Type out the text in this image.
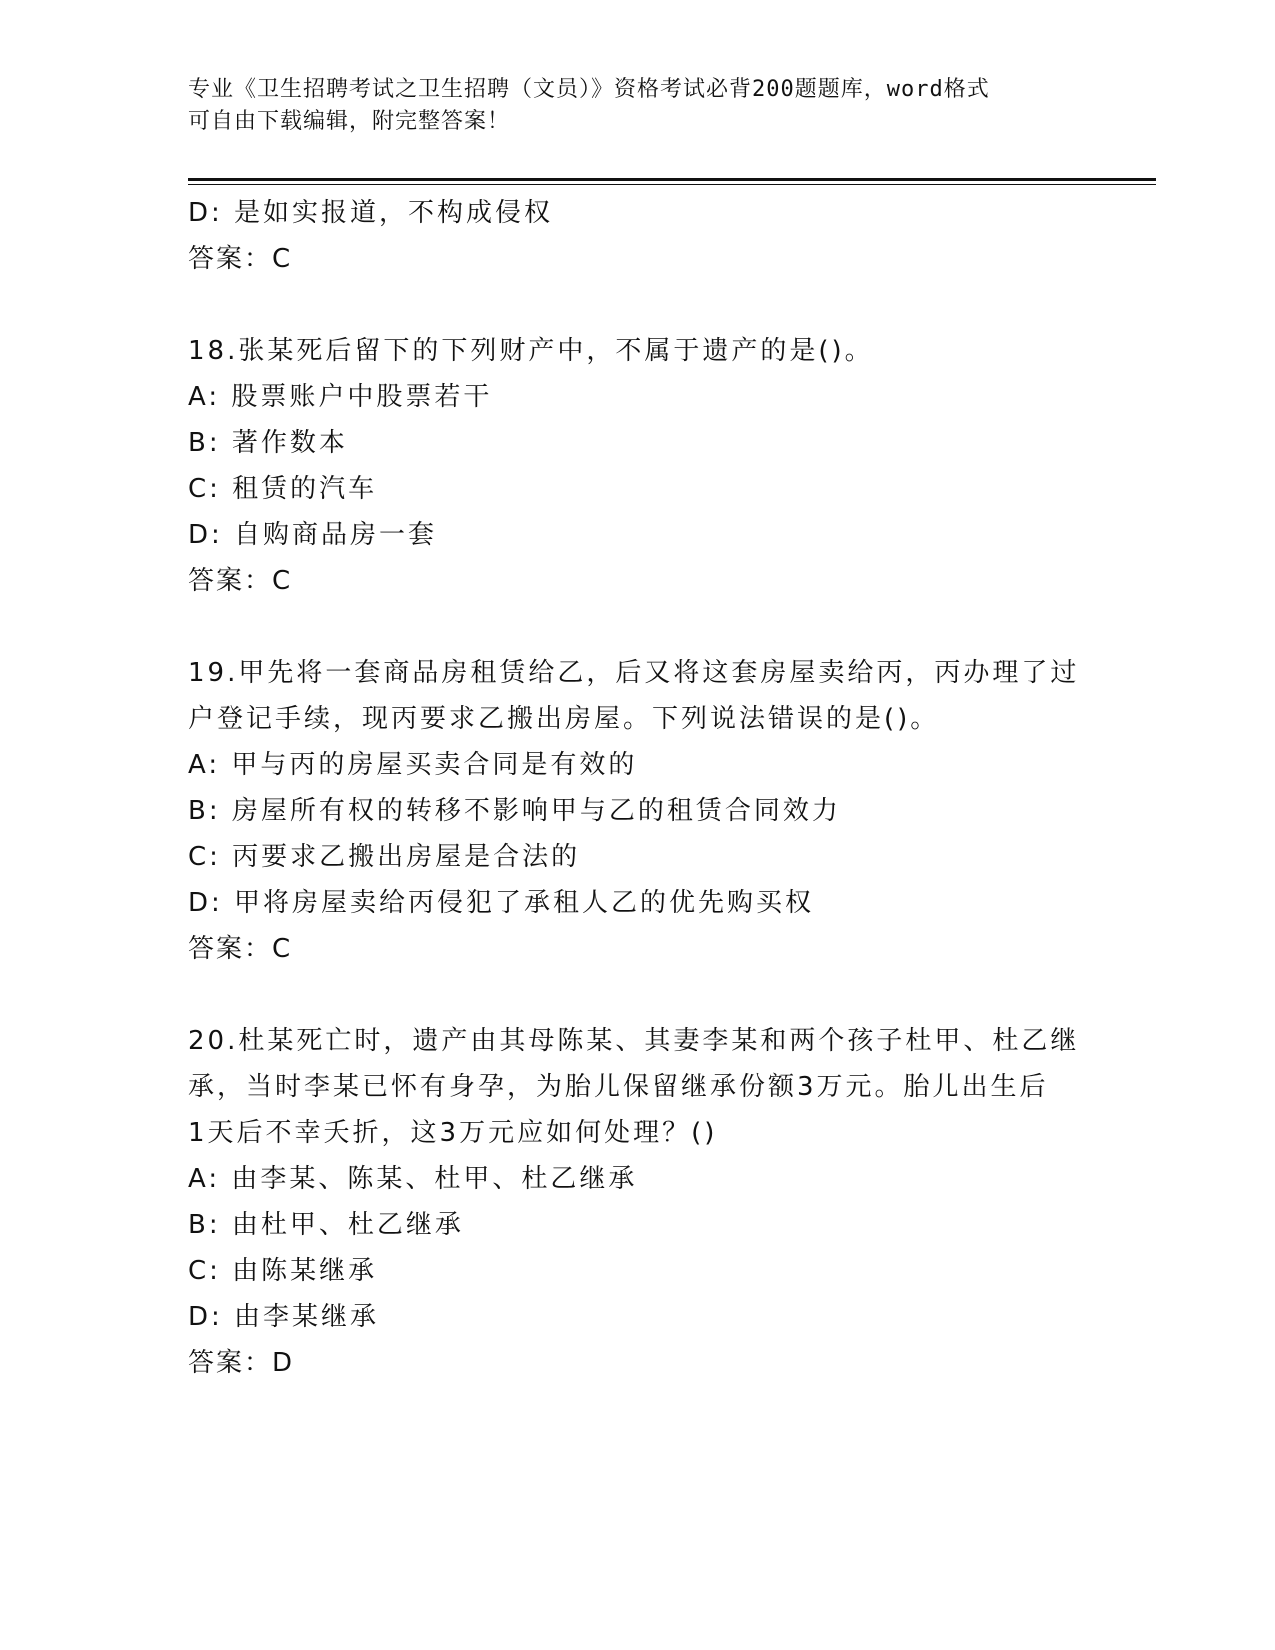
专业《卫生招聘考试之卫生招聘（文员）》资格考试必背200题题库，word格式
可自由下载编辑，附完整答案！
D: 是如实报道，不构成侵权
答案：C
18.张某死后留下的下列财产中，不属于遗产的是()。
A: 股票账户中股票若干
B: 著作数本
C: 租赁的汽车
D: 自购商品房一套
答案：C
19.甲先将一套商品房租赁给乙，后又将这套房屋卖给丙，丙办理了过
户登记手续，现丙要求乙搬出房屋。下列说法错误的是()。
A: 甲与丙的房屋买卖合同是有效的
B: 房屋所有权的转移不影响甲与乙的租赁合同效力
C: 丙要求乙搬出房屋是合法的
D: 甲将房屋卖给丙侵犯了承租人乙的优先购买权
答案：C
20.杜某死亡时，遗产由其母陈某、其妻李某和两个孩子杜甲、杜乙继
承，当时李某已怀有身孕，为胎儿保留继承份额3万元。胎儿出生后
1天后不幸夭折，这3万元应如何处理？()
A: 由李某、陈某、杜甲、杜乙继承
B: 由杜甲、杜乙继承
C: 由陈某继承
D: 由李某继承
答案：D
